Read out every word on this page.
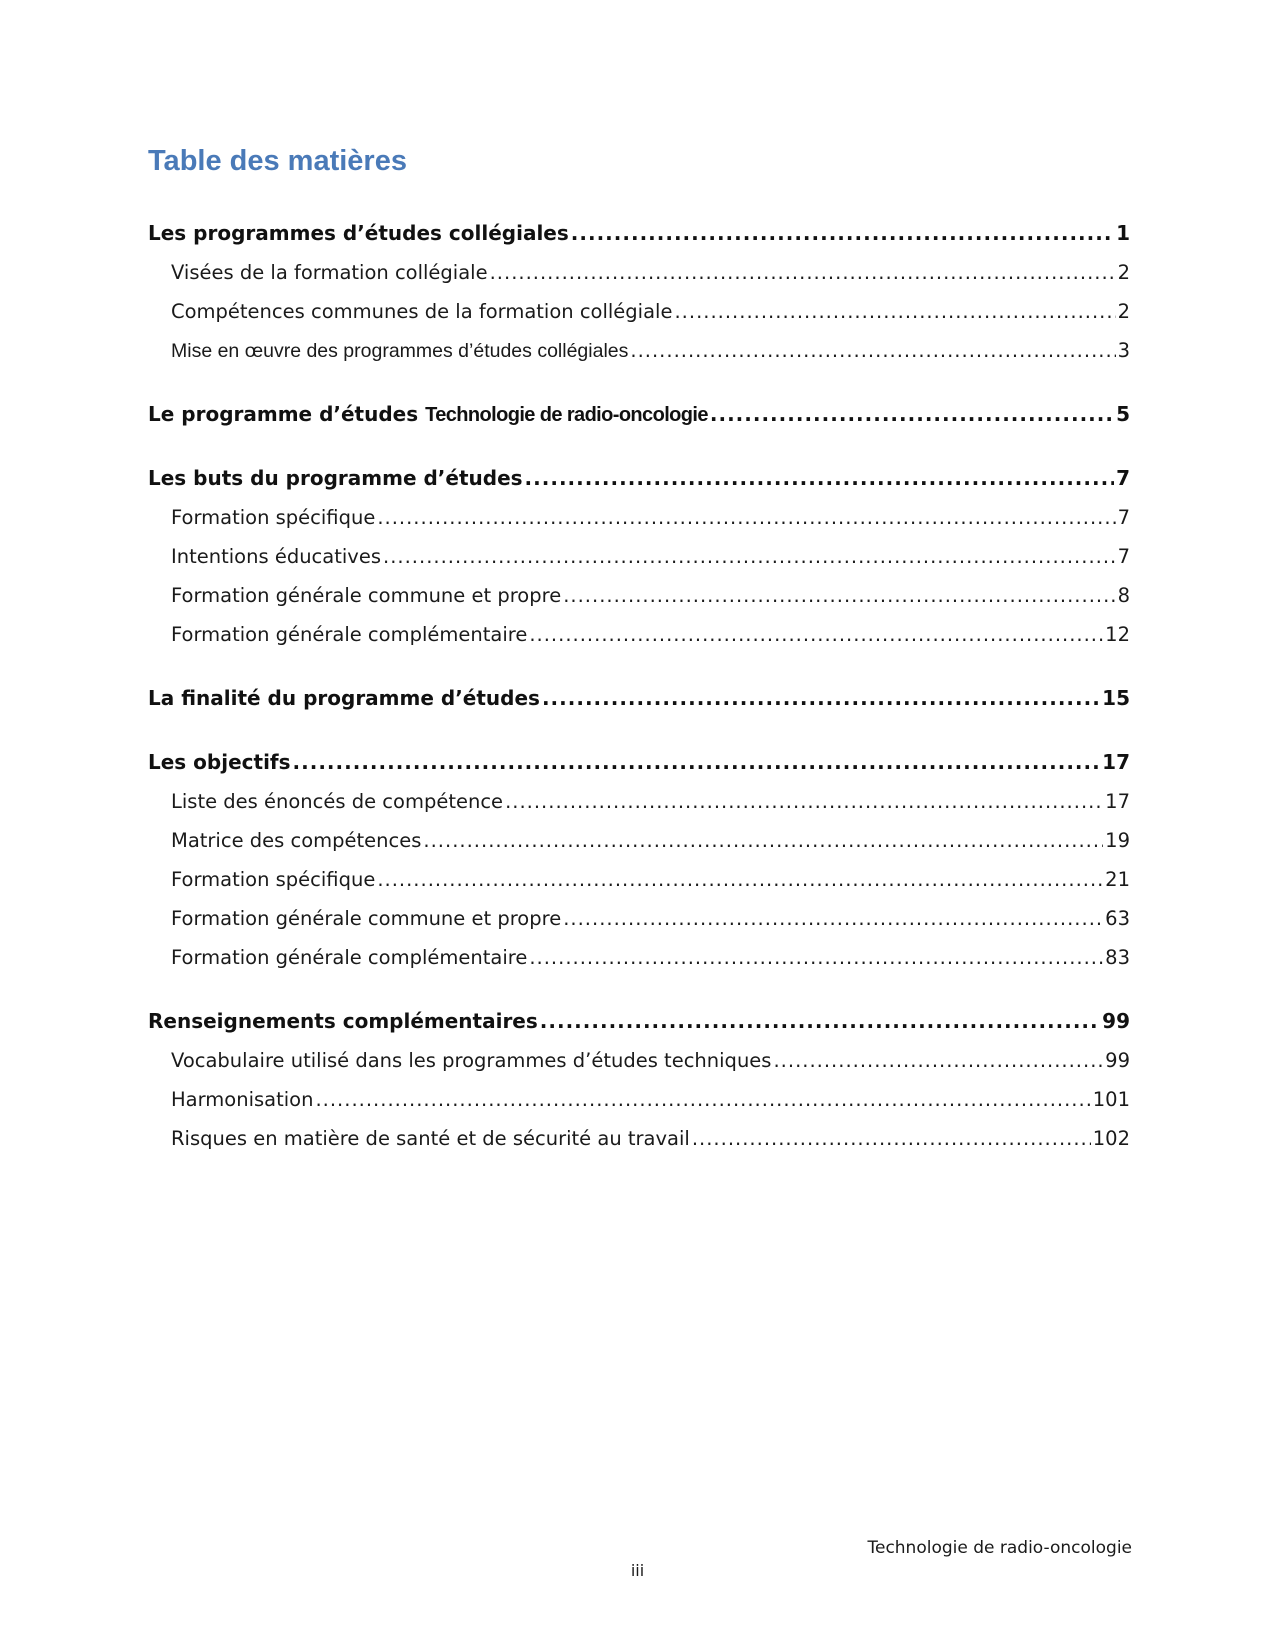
Table des matières
Les programmes d’études collégiales .....	1
Visées de la formation collégiale .....	2
Compétences communes de la formation collégiale .....	2
Mise en œuvre des programmes d’études collégiales .....	3
Le programme d’études Technologie de radio-oncologie .....	5
Les buts du programme d’études .....	7
Formation spécifique .....	7
Intentions éducatives .....	7
Formation générale commune et propre .....	8
Formation générale complémentaire .....	12
La finalité du programme d’études .....	15
Les objectifs .....	17
Liste des énoncés de compétence .....	17
Matrice des compétences .....	19
Formation spécifique .....	21
Formation générale commune et propre .....	63
Formation générale complémentaire .....	83
Renseignements complémentaires .....	99
Vocabulaire utilisé dans les programmes d’études techniques .....	99
Harmonisation .....	101
Risques en matière de santé et de sécurité au travail .....	102
Technologie de radio-oncologie
iii
